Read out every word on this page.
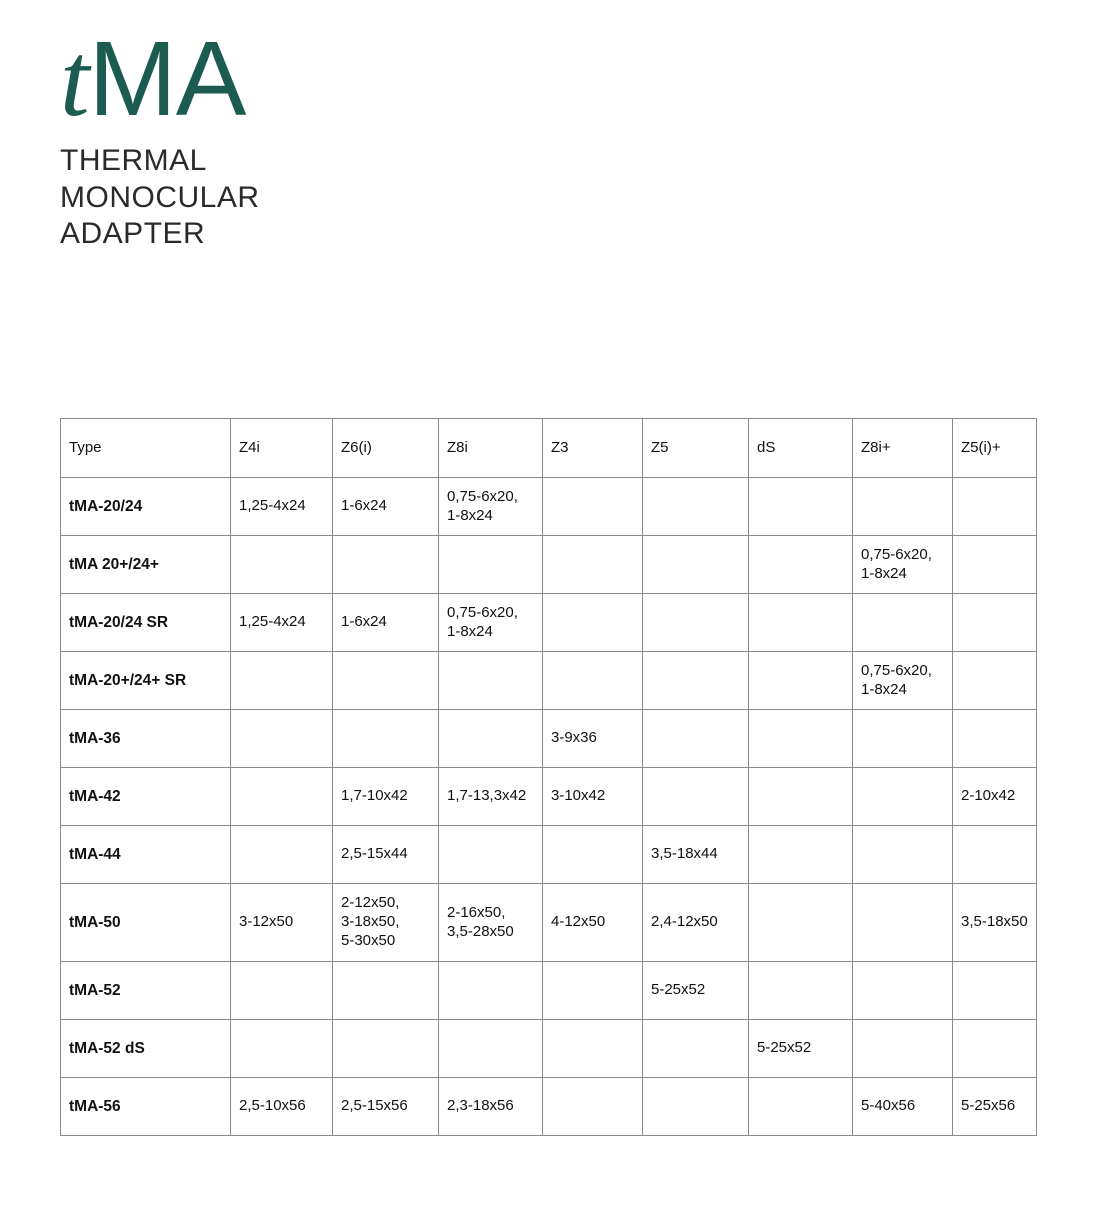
tMA
THERMAL
MONOCULAR
ADAPTER
Type	Z4i	Z6(i)	Z8i	Z3	Z5	dS	Z8i+	Z5(i)+
tMA-20/24	1,25-4x24	1-6x24	0,75-6x20,
1-8x24					

tMA 20+/24+							0,75-6x20,
1-8x24	

tMA-20/24 SR	1,25-4x24	1-6x24	0,75-6x20,
1-8x24					

tMA-20+/24+ SR							0,75-6x20,
1-8x24	

tMA-36				3-9x36				

tMA-42		1,7-10x42	1,7-13,3x42	3-10x42				2-10x42

tMA-44		2,5-15x44			3,5-18x44			

tMA-50	3-12x50	2-12x50,
3-18x50,
5-30x50	2-16x50,
3,5-28x50	4-12x50	2,4-12x50			3,5-18x50

tMA-52					5-25x52			

tMA-52 dS						5-25x52		

tMA-56	2,5-10x56	2,5-15x56	2,3-18x56				5-40x56	5-25x56
